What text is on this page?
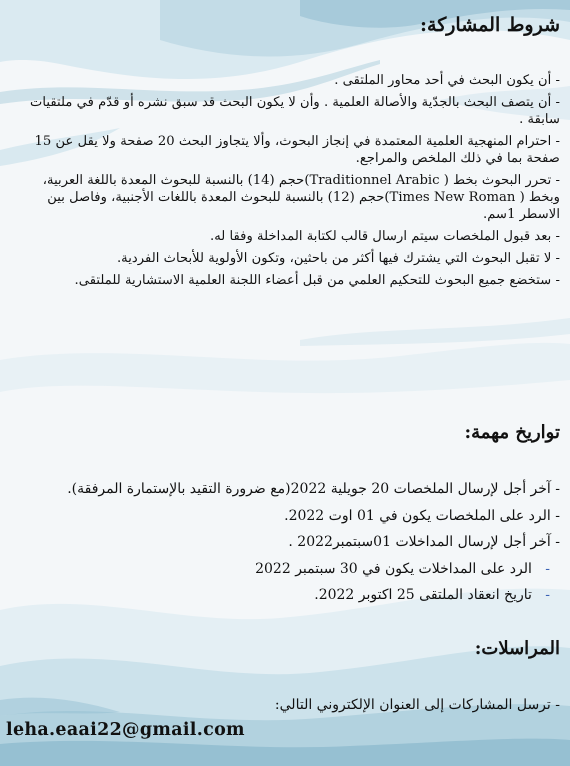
شروط المشاركة:
- أن يكون البحث في أحد محاور الملتقى .
- أن يتصف البحث بالجدّية والأصالة العلمية . وأن لا يكون البحث قد سبق نشره أو قدّم في ملتقيات سابقة .
- احترام المنهجية العلمية المعتمدة في إنجاز البحوث، وألا يتجاوز البحث 20 صفحة ولا يقل عن 15 صفحة بما في ذلك الملخص والمراجع.
- تحرر البحوث بخط ( Traditionnel Arabic)حجم (14) بالنسبة للبحوث المعدة باللغة العربية، وبخط ( Times New Roman)حجم (12) بالنسبة للبحوث المعدة باللغات الأجنبية، وفاصل بين الاسطر 1سم.
- بعد قبول الملخصات سيتم ارسال قالب لكتابة المداخلة وفقا له.
- لا تقبل البحوث التي يشترك فيها أكثر من باحثين، وتكون الأولوية للأبحاث الفردية.
- ستخضع جميع البحوث للتحكيم العلمي من قبل أعضاء اللجنة العلمية الاستشارية للملتقى.
تواريخ مهمة:
- آخر أجل لإرسال الملخصات 20 جويلية 2022(مع ضرورة التقيد بالإستمارة المرفقة).
- الرد على الملخصات يكون في 01 اوت 2022.
- آخر أجل لإرسال المداخلات 01سبتمبر2022 .
-   الرد على المداخلات يكون في 30 سبتمبر 2022
-   تاريخ انعقاد الملتقى 25 اكتوبر 2022.
المراسلات:
- ترسل المشاركات إلى العنوان الإلكتروني التالي:
leha.eaai22@gmail.com
